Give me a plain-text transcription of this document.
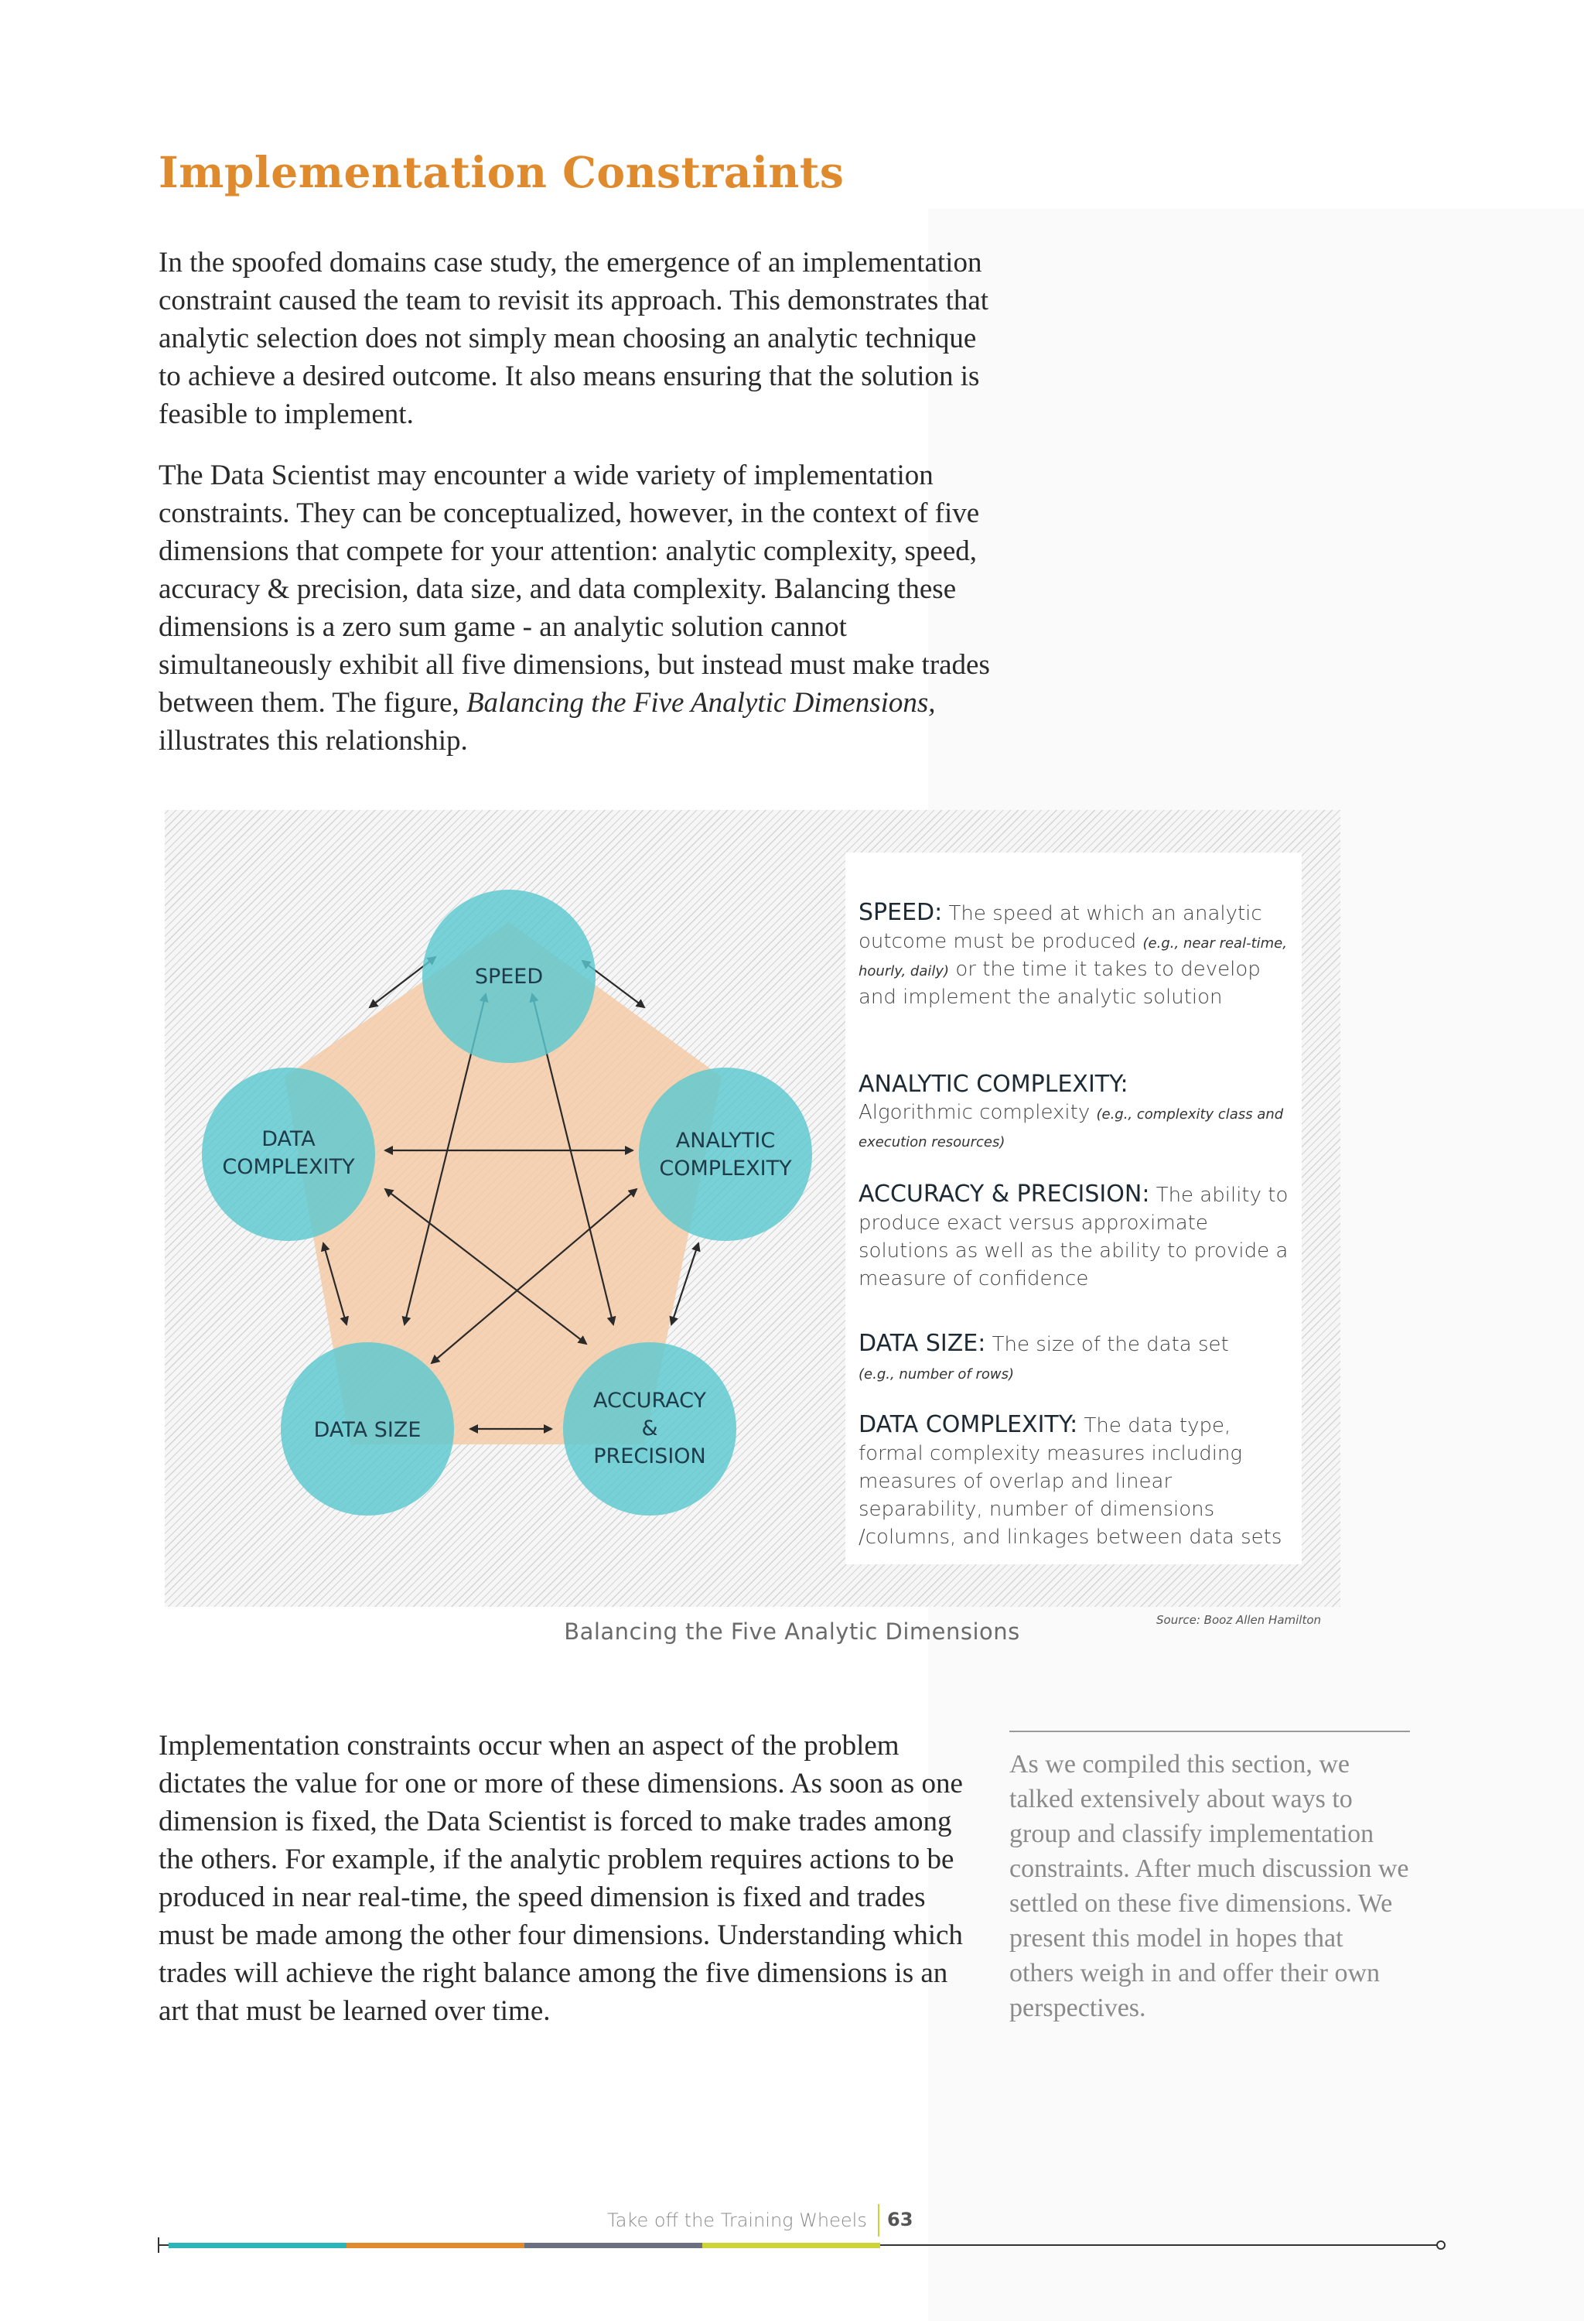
Implementation Constraints

In the spoofed domains case study, the emergence of an implementation constraint caused the team to revisit its approach. This demonstrates that analytic selection does not simply mean choosing an analytic technique to achieve a desired outcome. It also means ensuring that the solution is feasible to implement.

The Data Scientist may encounter a wide variety of implementation constraints. They can be conceptualized, however, in the context of five dimensions that compete for your attention: analytic complexity, speed, accuracy & precision, data size, and data complexity. Balancing these dimensions is a zero sum game - an analytic solution cannot simultaneously exhibit all five dimensions, but instead must make trades between them. The figure, Balancing the Five Analytic Dimensions, illustrates this relationship.

SPEED
ANALYTIC
COMPLEXITY
ACCURACY
&
PRECISION
DATA SIZE
DATA
COMPLEXITY
SPEED: The speed at which an analytic outcome must be produced (e.g., near real-time, hourly, daily) or the time it takes to develop and implement the analytic solution
ANALYTIC COMPLEXITY:
Algorithmic complexity (e.g., complexity class and execution resources)
ACCURACY & PRECISION: The ability to produce exact versus approximate solutions as well as the ability to provide a measure of confidence
DATA SIZE: The size of the data set
(e.g., number of rows)
DATA COMPLEXITY: The data type, formal complexity measures including measures of overlap and linear separability, number of dimensions /columns, and linkages between data sets
Source: Booz Allen Hamilton
Balancing the Five Analytic Dimensions

Implementation constraints occur when an aspect of the problem dictates the value for one or more of these dimensions. As soon as one dimension is fixed, the Data Scientist is forced to make trades among the others. For example, if the analytic problem requires actions to be produced in near real-time, the speed dimension is fixed and trades must be made among the other four dimensions. Understanding which trades will achieve the right balance among the five dimensions is an art that must be learned over time.

As we compiled this section, we talked extensively about ways to group and classify implementation constraints. After much discussion we settled on these five dimensions. We present this model in hopes that others weigh in and offer their own perspectives.
Take off the Training Wheels 63
